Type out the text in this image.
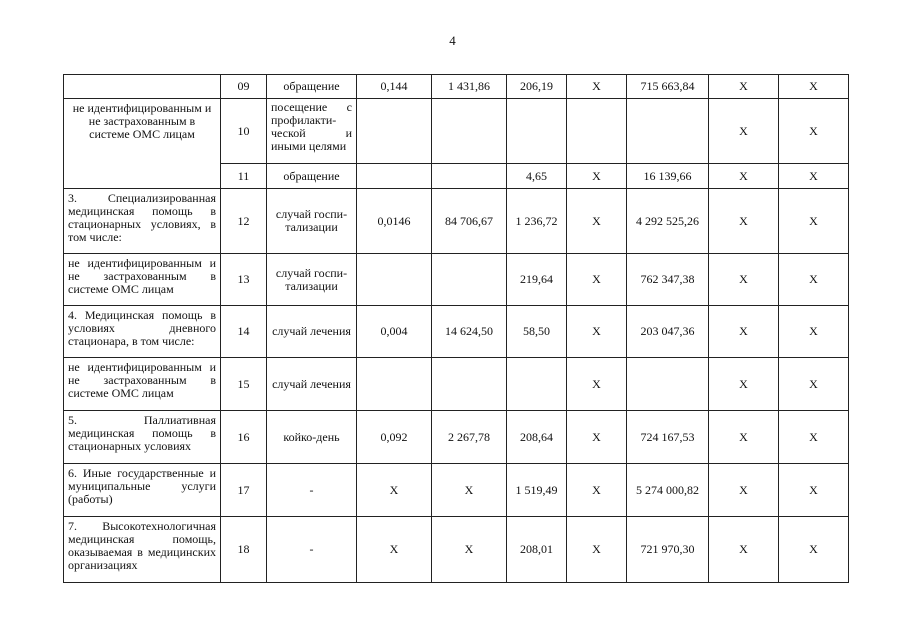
4
	09	обращение	0,144	1 431,86	206,19	X	715 663,84	X	X
не идентифицированным и не застрахованным в системе ОМС лицам	10	посещение с профилакти-ческой и иными целями						X	X
	11	обращение			4,65	X	16 139,66	X	X
3. Специализированная медицинская помощь в стационарных условиях, в том числе:	12	случай госпи-тализации	0,0146	84 706,67	1 236,72	X	4 292 525,26	X	X
не идентифицированным и не застрахованным в системе ОМС лицам	13	случай госпи-тализации			219,64	X	762 347,38	X	X
4. Медицинская помощь в условиях дневного стационара, в том числе:	14	случай лечения	0,004	14 624,50	58,50	X	203 047,36	X	X
не идентифицированным и не застрахованным в системе ОМС лицам	15	случай лечения				X		X	X
5. Паллиативная медицинская помощь в стационарных условиях	16	койко-день	0,092	2 267,78	208,64	X	724 167,53	X	X
6. Иные государственные и муниципальные услуги (работы)	17	-	X	X	1 519,49	X	5 274 000,82	X	X
7. Высокотехнологичная медицинская помощь, оказываемая в медицинских организациях	18	-	X	X	208,01	X	721 970,30	X	X
